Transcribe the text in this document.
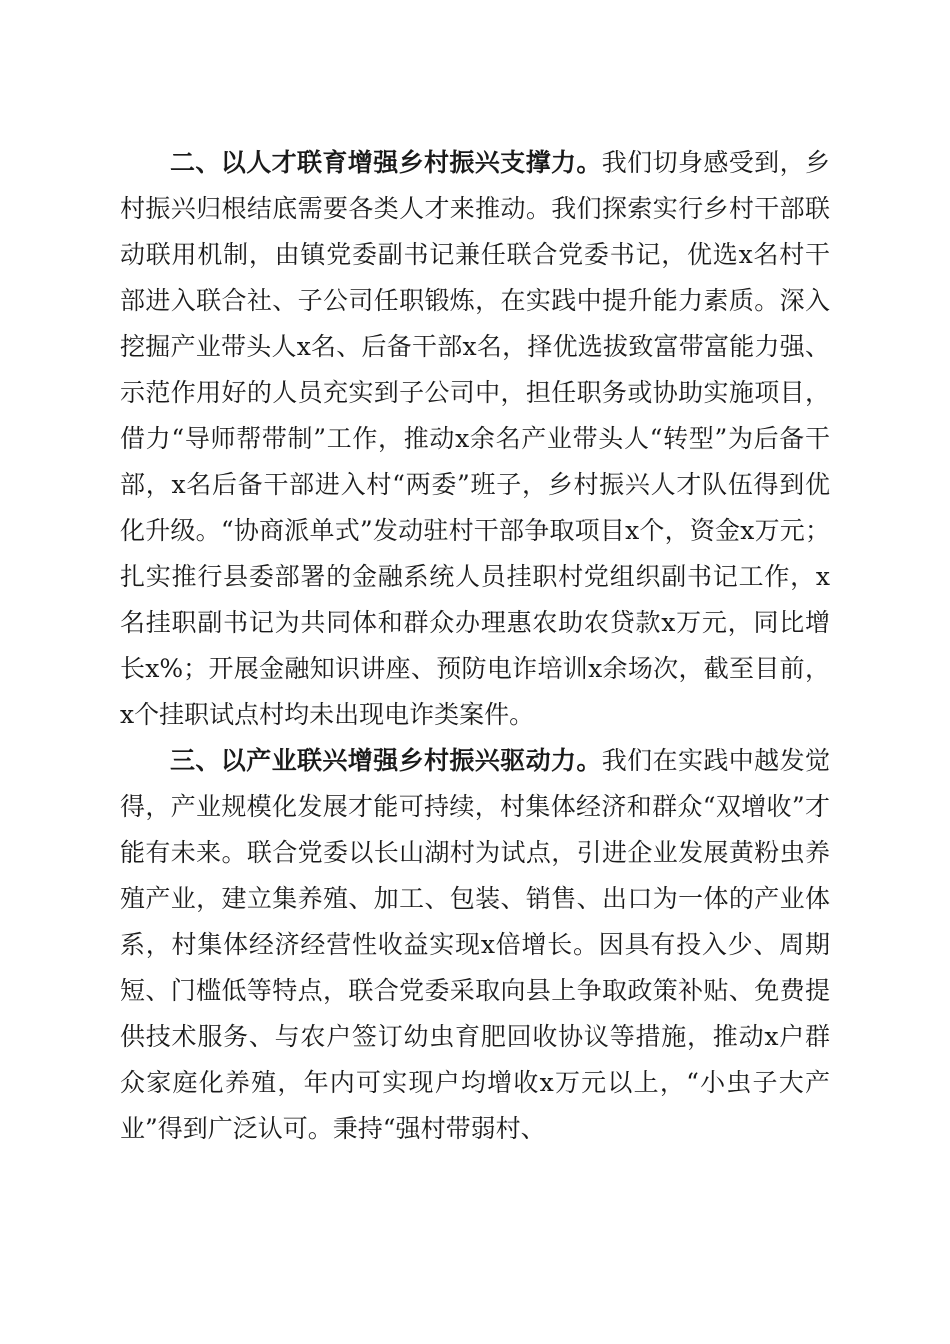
二、以人才联育增强乡村振兴支撑力。我们切身感受到，乡村振兴归根结底需要各类人才来推动。我们探索实行乡村干部联动联用机制，由镇党委副书记兼任联合党委书记，优选x名村干部进入联合社、子公司任职锻炼，在实践中提升能力素质。深入挖掘产业带头人x名、后备干部x名，择优选拔致富带富能力强、示范作用好的人员充实到子公司中，担任职务或协助实施项目，借力“导师帮带制”工作，推动x余名产业带头人“转型”为后备干部，x名后备干部进入村“两委”班子，乡村振兴人才队伍得到优化升级。“协商派单式”发动驻村干部争取项目x个，资金x万元；扎实推行县委部署的金融系统人员挂职村党组织副书记工作，x名挂职副书记为共同体和群众办理惠农助农贷款x万元，同比增长x%；开展金融知识讲座、预防电诈培训x余场次，截至目前，x个挂职试点村均未出现电诈类案件。

三、以产业联兴增强乡村振兴驱动力。我们在实践中越发觉得，产业规模化发展才能可持续，村集体经济和群众“双增收”才能有未来。联合党委以长山湖村为试点，引进企业发展黄粉虫养殖产业，建立集养殖、加工、包装、销售、出口为一体的产业体系，村集体经济经营性收益实现x倍增长。因具有投入少、周期短、门槛低等特点，联合党委采取向县上争取政策补贴、免费提供技术服务、与农户签订幼虫育肥回收协议等措施，推动x户群众家庭化养殖，年内可实现户均增收x万元以上，“小虫子大产业”得到广泛认可。秉持“强村带弱村、
